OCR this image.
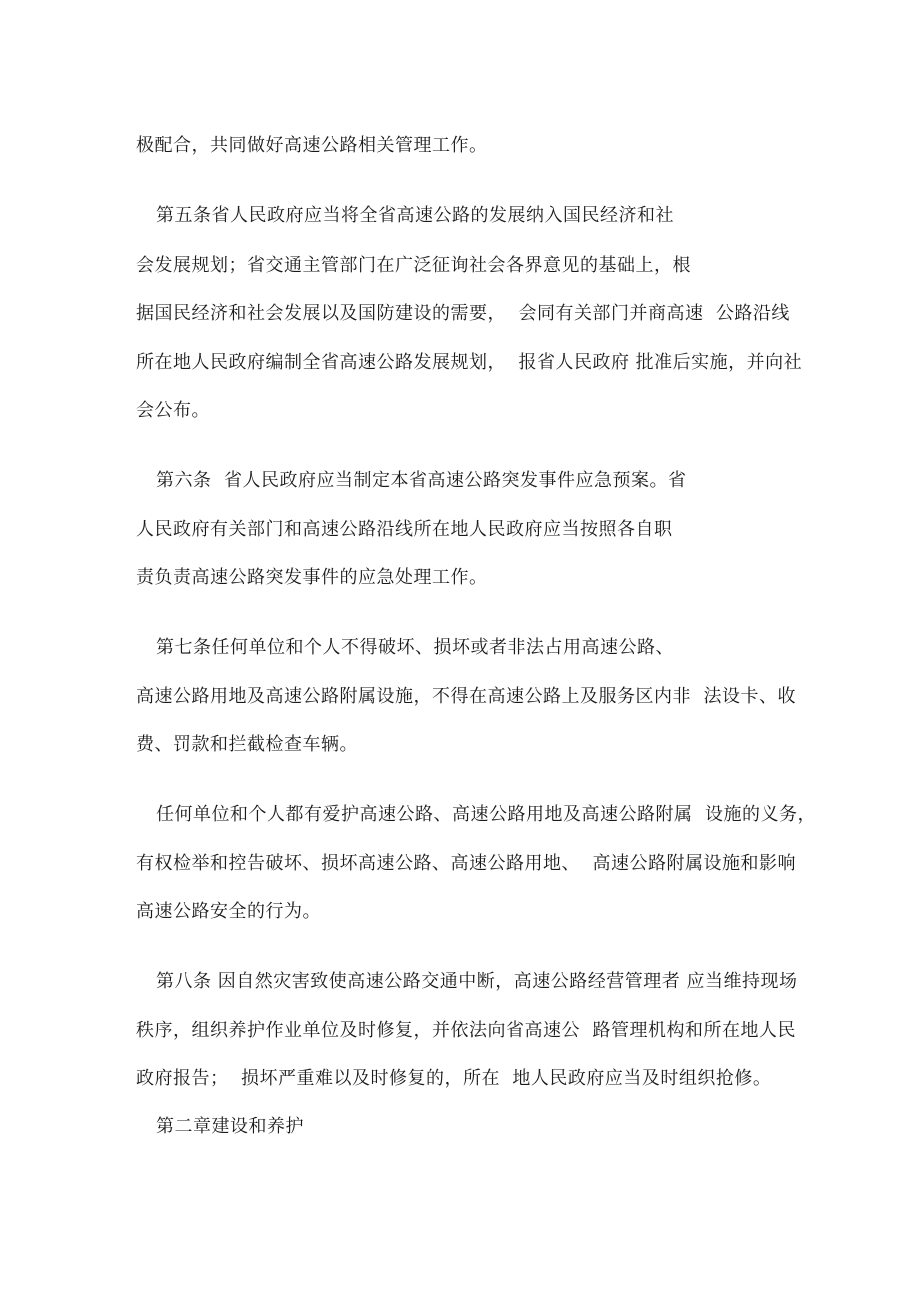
极配合，共同做好高速公路相关管理工作。
第五条省人民政府应当将全省高速公路的发展纳入国民经济和社
会发展规划；省交通主管部门在广泛征询社会各界意见的基础上，根
据国民经济和社会发展以及国防建设的需要，  会同有关部门并商高速  公路沿线
所在地人民政府编制全省高速公路发展规划，  报省人民政府 批准后实施，并向社
会公布。
第六条  省人民政府应当制定本省高速公路突发事件应急预案。省
人民政府有关部门和高速公路沿线所在地人民政府应当按照各自职
责负责高速公路突发事件的应急处理工作。
第七条任何单位和个人不得破坏、损坏或者非法占用高速公路、
高速公路用地及高速公路附属设施，不得在高速公路上及服务区内非  法设卡、收
费、罚款和拦截检查车辆。
任何单位和个人都有爱护高速公路、高速公路用地及高速公路附属  设施的义务，
有权检举和控告破坏、损坏高速公路、高速公路用地、  高速公路附属设施和影响
高速公路安全的行为。
第八条 因自然灾害致使高速公路交通中断，高速公路经营管理者 应当维持现场
秩序，组织养护作业单位及时修复，并依法向省高速公  路管理机构和所在地人民
政府报告；  损坏严重难以及时修复的，所在  地人民政府应当及时组织抢修。
第二章建设和养护
